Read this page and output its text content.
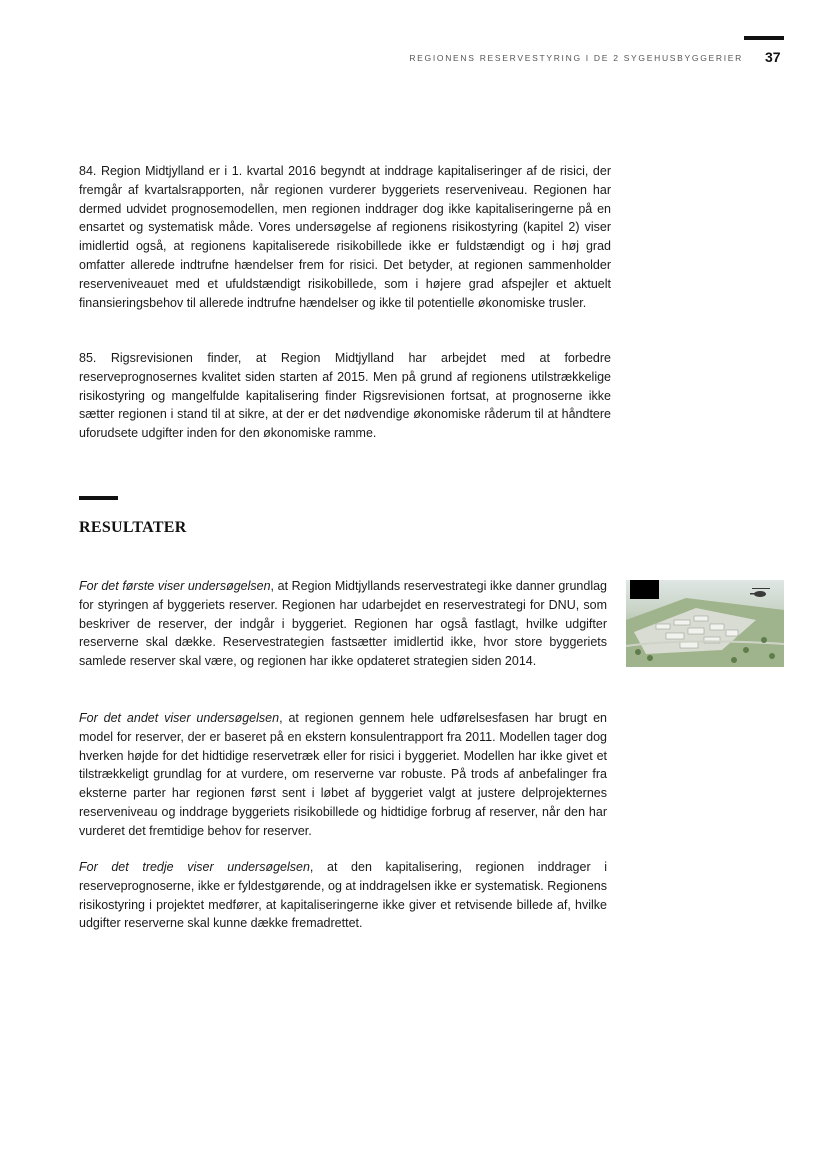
REGIONENS RESERVESTYRING I DE 2 SYGEHUSBYGGERIER 37

84. Region Midtjylland er i 1. kvartal 2016 begyndt at inddrage kapitaliseringer af de risici, der fremgår af kvartalsrapporten, når regionen vurderer byggeriets reserveniveau. Regionen har dermed udvidet prognosemodellen, men regionen inddrager dog ikke kapitaliseringerne på en ensartet og systematisk måde. Vores undersøgelse af regionens risikostyring (kapitel 2) viser imidlertid også, at regionens kapitaliserede risikobillede ikke er fuldstændigt og i høj grad omfatter allerede indtrufne hændelser frem for risici. Det betyder, at regionen sammenholder reserveniveauet med et ufuldstændigt risikobillede, som i højere grad afspejler et aktuelt finansieringsbehov til allerede indtrufne hændelser og ikke til potentielle økonomiske trusler.

85. Rigsrevisionen finder, at Region Midtjylland har arbejdet med at forbedre reserveprognosernes kvalitet siden starten af 2015. Men på grund af regionens utilstrækkelige risikostyring og mangelfulde kapitalisering finder Rigsrevisionen fortsat, at prognoserne ikke sætter regionen i stand til at sikre, at der er det nødvendige økonomiske råderum til at håndtere uforudsete udgifter inden for den økonomiske ramme.

RESULTATER

For det første viser undersøgelsen, at Region Midtjyllands reservestrategi ikke danner grundlag for styringen af byggeriets reserver. Regionen har udarbejdet en reservestrategi for DNU, som beskriver de reserver, der indgår i byggeriet. Regionen har også fastlagt, hvilke udgifter reserverne skal dække. Reservestrategien fastsætter imidlertid ikke, hvor store byggeriets samlede reserver skal være, og regionen har ikke opdateret strategien siden 2014.

For det andet viser undersøgelsen, at regionen gennem hele udførelsesfasen har brugt en model for reserver, der er baseret på en ekstern konsulentrapport fra 2011. Modellen tager dog hverken højde for det hidtidige reservetræk eller for risici i byggeriet. Modellen har ikke givet et tilstrækkeligt grundlag for at vurdere, om reserverne var robuste. På trods af anbefalinger fra eksterne parter har regionen først sent i løbet af byggeriet valgt at justere delprojekternes reserveniveau og inddrage byggeriets risikobillede og hidtidige forbrug af reserver, når den har vurderet det fremtidige behov for reserver.

For det tredje viser undersøgelsen, at den kapitalisering, regionen inddrager i reserveprognoserne, ikke er fyldestgørende, og at inddragelsen ikke er systematisk. Regionens risikostyring i projektet medfører, at kapitaliseringerne ikke giver et retvisende billede af, hvilke udgifter reserverne skal kunne dække fremadrettet.
